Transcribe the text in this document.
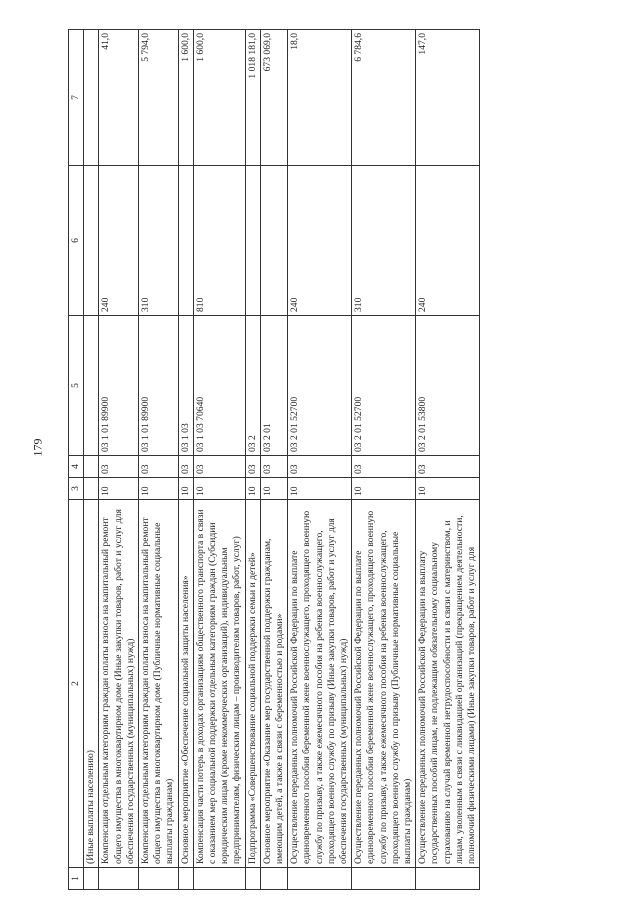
179
1	2	3	4	5	6	7
	(Иные выплаты населению)					
	Компенсация отдельным категориям граждан оплаты взноса на капитальный ремонт общего имущества в многоквартирном доме (Иные закупки товаров, работ и услуг для обеспечения государственных (муниципальных) нужд)	10	03	03 1 01 89900	240	41,0
	Компенсация отдельным категориям граждан оплаты взноса на капитальный ремонт общего имущества в многоквартирном доме (Публичные нормативные социальные выплаты гражданам)	10	03	03 1 01 89900	310	5 794,0
	Основное мероприятие «Обеспечение социальной защиты населения»	10	03	03 1 03		1 600,0
	Компенсация части потерь в доходах организациям общественного транспорта в связи с оказанием мер социальной поддержки отдельным категориям граждан (Субсидии юридическим лицам (кроме некоммерческих организаций), индивидуальным предпринимателям, физическим лицам – производителям товаров, работ, услуг)	10	03	03 1 03 70640	810	1 600,0
	Подпрограмма «Совершенствование социальной поддержки семьи и детей»	10	03	03 2		1 018 181,0
	Основное мероприятие «Оказание мер государственной поддержки гражданам, имеющим детей, а также в связи с беременностью и родами»	10	03	03 2 01		673 069,0
	Осуществление переданных полномочий Российской Федерации по выплате единовременного пособия беременной жене военнослужащего, проходящего военную службу по призыву, а также ежемесячного пособия на ребенка военнослужащего, проходящего военную службу по призыву (Иные закупки товаров, работ и услуг для обеспечения государственных (муниципальных) нужд)	10	03	03 2 01 52700	240	18,0
	Осуществление переданных полномочий Российской Федерации по выплате единовременного пособия беременной жене военнослужащего, проходящего военную службу по призыву, а также ежемесячного пособия на ребенка военнослужащего, проходящего военную службу по призыву (Публичные нормативные социальные выплаты гражданам)	10	03	03 2 01 52700	310	6 784,6
	Осуществление переданных полномочий Российской Федерации на выплату государственных пособий лицам, не подлежащим обязательному социальному страхованию на случай временной нетрудоспособности и в связи с материнством, и лицам, уволенным в связи с ликвидацией организаций (прекращением деятельности, полномочий физическими лицами) (Иные закупки товаров, работ и услуг для	10	03	03 2 01 53800	240	147,0
